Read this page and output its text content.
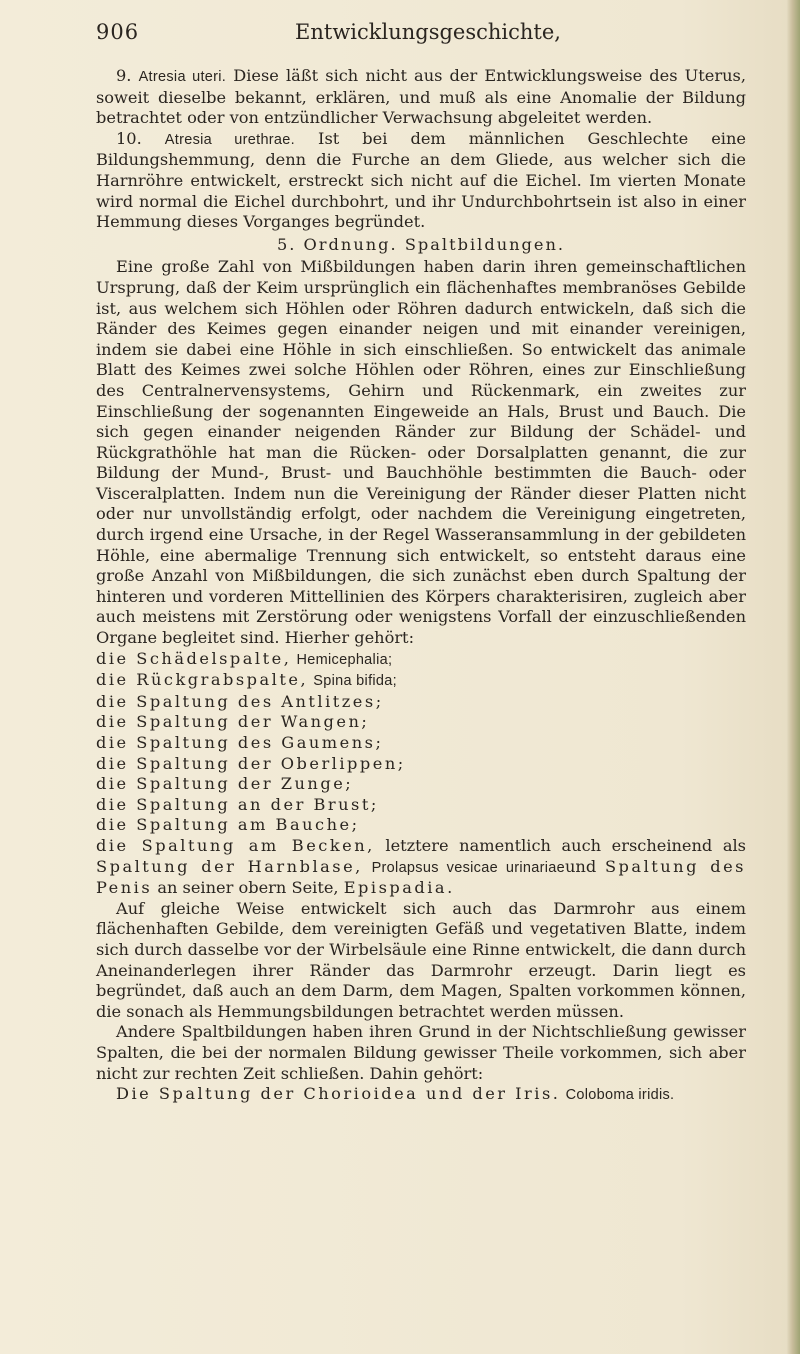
906	Entwicklungsgeschichte,

9. Atresia uteri. Diese läßt sich nicht aus der Entwicklungsweise des Uterus, soweit dieselbe bekannt, erklären, und muß als eine Anomalie der Bildung betrachtet oder von entzündlicher Verwachsung abgeleitet werden.

10. Atresia urethrae. Ist bei dem männlichen Geschlechte eine Bildungshemmung, denn die Furche an dem Gliede, aus welcher sich die Harnröhre entwickelt, erstreckt sich nicht auf die Eichel. Im vierten Monate wird normal die Eichel durchbohrt, und ihr Undurchbohrtsein ist also in einer Hemmung dieses Vorganges begründet.

5. Ordnung. Spaltbildungen.

Eine große Zahl von Mißbildungen haben darin ihren gemeinschaftlichen Ursprung, daß der Keim ursprünglich ein flächenhaftes membranöses Gebilde ist, aus welchem sich Höhlen oder Röhren dadurch entwickeln, daß sich die Ränder des Keimes gegen einander neigen und mit einander vereinigen, indem sie dabei eine Höhle in sich einschließen. So entwickelt das animale Blatt des Keimes zwei solche Höhlen oder Röhren, eines zur Einschließung des Centralnervensystems, Gehirn und Rückenmark, ein zweites zur Einschließung der sogenannten Eingeweide an Hals, Brust und Bauch. Die sich gegen einander neigenden Ränder zur Bildung der Schädel- und Rückgrathöhle hat man die Rücken- oder Dorsalplatten genannt, die zur Bildung der Mund-, Brust- und Bauchhöhle bestimmten die Bauch- oder Visceralplatten. Indem nun die Vereinigung der Ränder dieser Platten nicht oder nur unvollständig erfolgt, oder nachdem die Vereinigung eingetreten, durch irgend eine Ursache, in der Regel Wasseransammlung in der gebildeten Höhle, eine abermalige Trennung sich entwickelt, so entsteht daraus eine große Anzahl von Mißbildungen, die sich zunächst eben durch Spaltung der hinteren und vorderen Mittellinien des Körpers charakterisiren, zugleich aber auch meistens mit Zerstörung oder wenigstens Vorfall der einzuschließenden Organe begleitet sind. Hierher gehört:

die Schädelspalte, Hemicephalia;

die Rückgrabspalte, Spina bifida;

die Spaltung des Antlitzes;

die Spaltung der Wangen;

die Spaltung des Gaumens;

die Spaltung der Oberlippen;

die Spaltung der Zunge;

die Spaltung an der Brust;

die Spaltung am Bauche;

die Spaltung am Becken, letztere namentlich auch erscheinend als Spaltung der Harnblase, Prolapsus vesicae urinariaeund Spaltung des Penis an seiner obern Seite, Epispadia.

Auf gleiche Weise entwickelt sich auch das Darmrohr aus einem flächenhaften Gebilde, dem vereinigten Gefäß und vegetativen Blatte, indem sich durch dasselbe vor der Wirbelsäule eine Rinne entwickelt, die dann durch Aneinanderlegen ihrer Ränder das Darmrohr erzeugt. Darin liegt es begründet, daß auch an dem Darm, dem Magen, Spalten vorkommen können, die sonach als Hemmungsbildungen betrachtet werden müssen.

Andere Spaltbildungen haben ihren Grund in der Nichtschließung gewisser Spalten, die bei der normalen Bildung gewisser Theile vorkommen, sich aber nicht zur rechten Zeit schließen. Dahin gehört:

Die Spaltung der Chorioidea und der Iris. Coloboma iridis.
